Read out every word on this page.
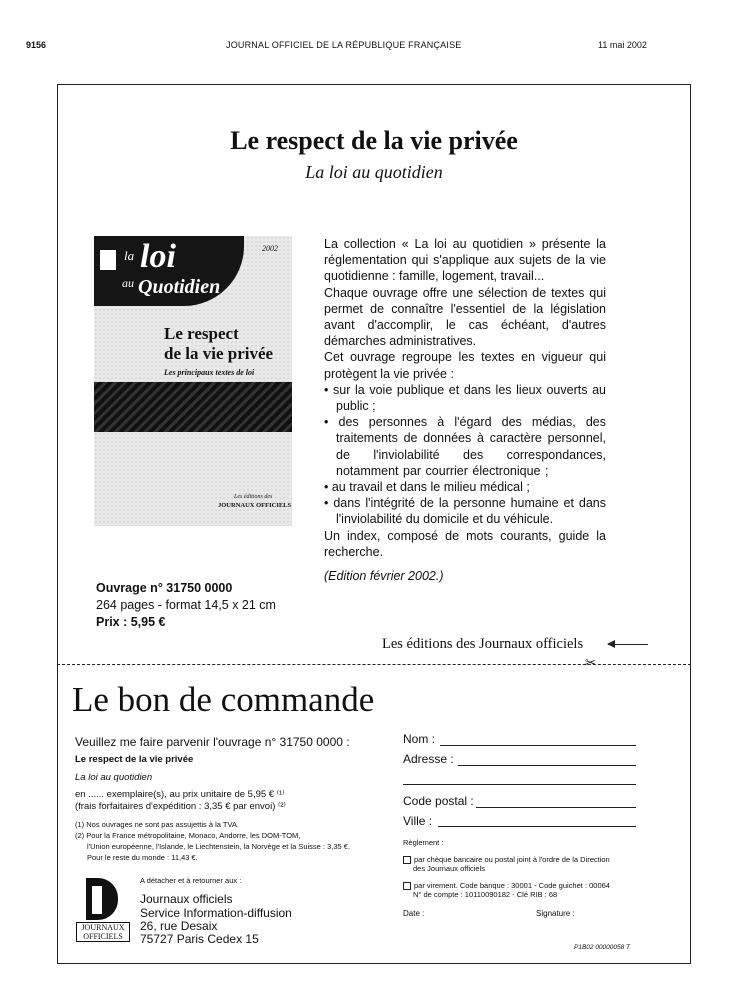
9156	JOURNAL OFFICIEL DE LA RÉPUBLIQUE FRANÇAISE	11 mai 2002
Le respect de la vie privée
La loi au quotidien
la loi
au Quotidien
2002
Le respect
de la vie privée
Les principaux textes de loi
Les éditions des
JOURNAUX OFFICIELS
Ouvrage n° 31750 0000
264 pages - format 14,5 x 21 cm
Prix : 5,95 €

La collection « La loi au quotidien » présente la réglementation qui s'applique aux sujets de la vie quotidienne : famille, logement, travail...

Chaque ouvrage offre une sélection de textes qui permet de connaître l'essentiel de la législation avant d'accomplir, le cas échéant, d'autres démarches administratives.

Cet ouvrage regroupe les textes en vigueur qui protègent la vie privée :

• sur la voie publique et dans les lieux ouverts au public ;
• des personnes à l'égard des médias, des traitements de données à caractère personnel, de l'inviolabilité des correspondances, notamment par courrier électronique ;
• au travail et dans le milieu médical ;
• dans l'intégrité de la personne humaine et dans l'inviolabilité du domicile et du véhicule.

Un index, composé de mots courants, guide la recherche.

(Edition février 2002.)

Les éditions des Journaux officiels
✂
Le bon de commande
Veuillez me faire parvenir l'ouvrage n° 31750 0000 :
Le respect de la vie privée
La loi au quotidien
en ...... exemplaire(s), au prix unitaire de 5,95 € ⁽¹⁾
(frais forfaitaires d'expédition : 3,35 € par envoi) ⁽²⁾
(1) Nos ouvrages ne sont pas assujettis à la TVA.
(2) Pour la France métropolitaine, Monaco, Andorre, les DOM-TOM,
l'Union européenne, l'Islande, le Liechtenstein, la Norvège et la Suisse : 3,35 €.
Pour le reste du monde : 11,43 €.
JOURNAUX
OFFICIELS
A détacher et à retourner aux :
Journaux officiels
Service Information-diffusion
26, rue Desaix
75727 Paris Cedex 15
Nom :
Adresse :
Code postal :
Ville :
Règlement :
par chèque bancaire ou postal joint à l'ordre de la Direction
des Journaux officiels
par virement. Code banque : 30001 - Code guichet : 00064
N° de compte : 10110090182 - Clé RIB : 68
Date :	Signature :
P1B02 00000058 T
